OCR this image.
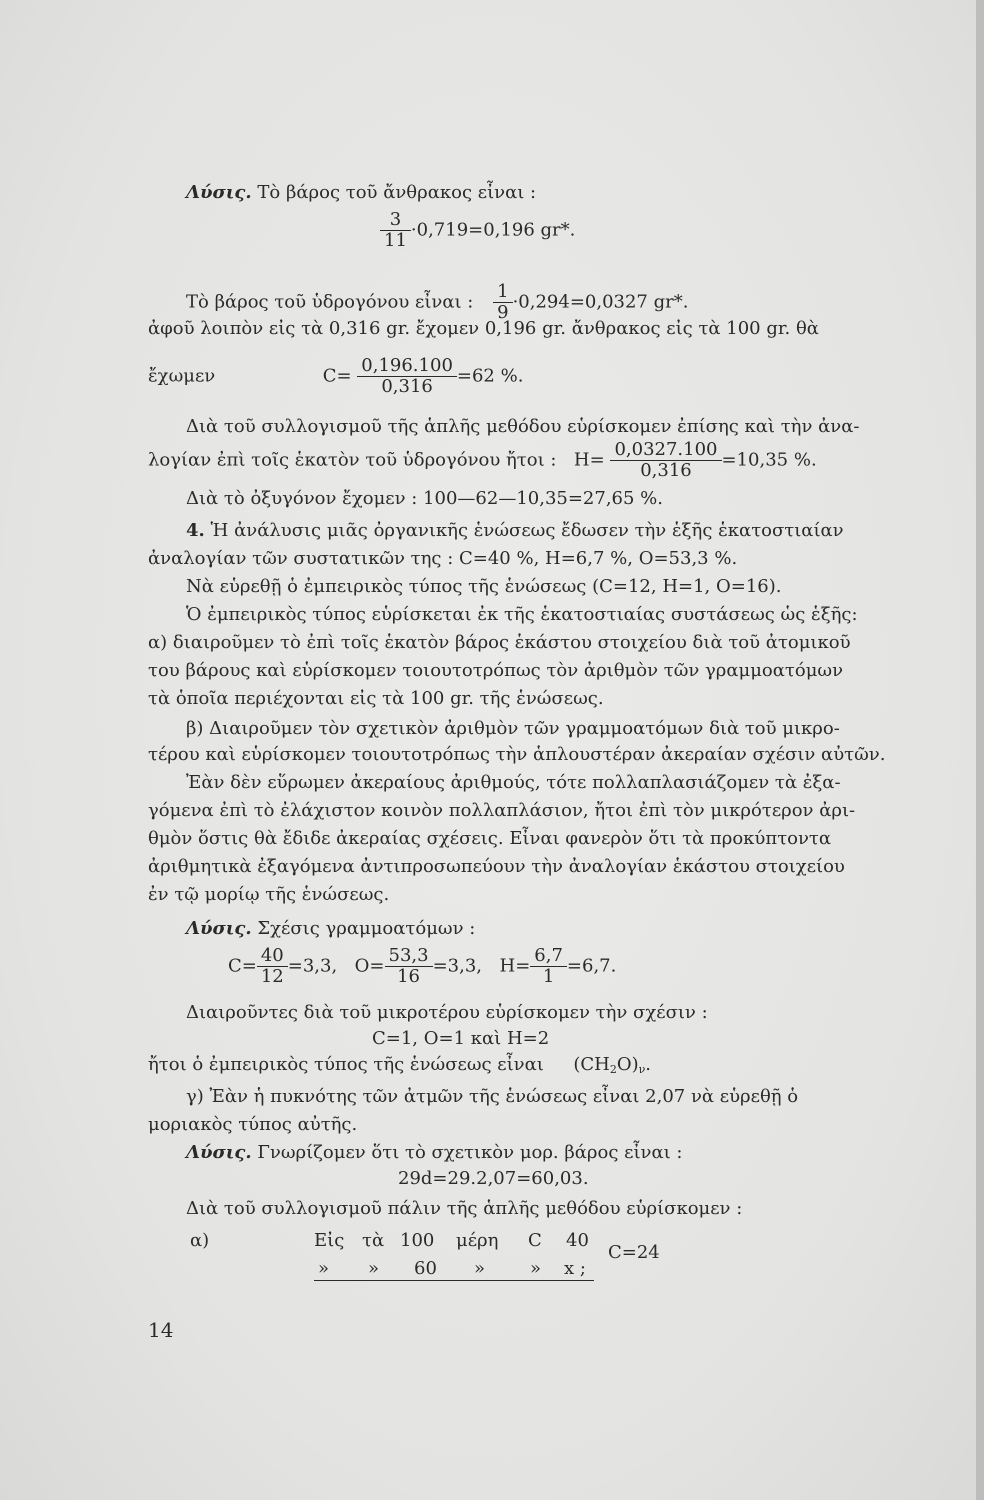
Λύσις. Τὸ βάρος τοῦ ἄνθρακος εἶναι :
$\frac{3}{11} \cdot 0,719=0,196$ gr*.
Τὸ βάρος τοῦ ὑδρογόνου εἶναι : $\frac{1}{9} \cdot 0,294=0,0327$ gr*.
ἀφοῦ λοιπὸν εἰς τὰ 0,316 gr. ἔχομεν 0,196 gr. ἄνθρακος εἰς τὰ 100 gr. θὰ
ἔχωμεν	$C= \frac{0,196.100}{0,316} =62$ %.
Διὰ τοῦ συλλογισμοῦ τῆς ἁπλῆς μεθόδου εὑρίσκομεν ἐπίσης καὶ τὴν ἀνα-
λογίαν ἐπὶ τοῖς ἑκατὸν τοῦ ὑδρογόνου ἤτοι : $H= \frac{0,0327.100}{0,316} =10,35$ %.
Διὰ τὸ ὀξυγόνον ἔχομεν : 100—62—10,35=27,65 %.
4. Ἡ ἀνάλυσις μιᾶς ὀργανικῆς ἑνώσεως ἔδωσεν τὴν ἑξῆς ἑκατοστιαίαν
ἀναλογίαν τῶν συστατικῶν της : C=40 %, H=6,7 %, O=53,3 %.
Νὰ εὑρεθῇ ὁ ἐμπειρικὸς τύπος τῆς ἑνώσεως (C=12, H=1, O=16).
Ὁ ἐμπειρικὸς τύπος εὑρίσκεται ἐκ τῆς ἑκατοστιαίας συστάσεως ὡς ἑξῆς:
α) διαιροῦμεν τὸ ἐπὶ τοῖς ἑκατὸν βάρος ἑκάστου στοιχείου διὰ τοῦ ἀτομικοῦ
του βάρους καὶ εὑρίσκομεν τοιουτοτρόπως τὸν ἀριθμὸν τῶν γραμμοατόμων
τὰ ὁποῖα περιέχονται εἰς τὰ 100 gr. τῆς ἑνώσεως.
β) Διαιροῦμεν τὸν σχετικὸν ἀριθμὸν τῶν γραμμοατόμων διὰ τοῦ μικρο-
τέρου καὶ εὑρίσκομεν τοιουτοτρόπως τὴν ἁπλουστέραν ἀκεραίαν σχέσιν αὐτῶν.
Ἐὰν δὲν εὕρωμεν ἀκεραίους ἀριθμούς, τότε πολλαπλασιάζομεν τὰ ἐξα-
γόμενα ἐπὶ τὸ ἐλάχιστον κοινὸν πολλαπλάσιον, ἤτοι ἐπὶ τὸν μικρότερον ἀρι-
θμὸν ὅστις θὰ ἔδιδε ἀκεραίας σχέσεις. Εἶναι φανερὸν ὅτι τὰ προκύπτοντα
ἀριθμητικὰ ἐξαγόμενα ἀντιπροσωπεύουν τὴν ἀναλογίαν ἑκάστου στοιχείου
ἐν τῷ μορίῳ τῆς ἑνώσεως.
Λύσις. Σχέσις γραμμοατόμων :
$C= \frac{40}{12} =3,3$, $O= \frac{53,3}{16} =3,3$, $H= \frac{6,7}{1} =6,7$.
Διαιροῦντες διὰ τοῦ μικροτέρου εὑρίσκομεν τὴν σχέσιν :
C=1, O=1 καὶ H=2
ἤτοι ὁ ἐμπειρικὸς τύπος τῆς ἑνώσεως εἶναι $(CH_2O)_\nu$.
γ) Ἐὰν ἡ πυκνότης τῶν ἀτμῶν τῆς ἑνώσεως εἶναι 2,07 νὰ εὑρεθῇ ὁ
μοριακὸς τύπος αὐτῆς.
Λύσις. Γνωρίζομεν ὅτι τὸ σχετικὸν μορ. βάρος εἶναι :
29d=29.2,07=60,03.
Διὰ τοῦ συλλογισμοῦ πάλιν τῆς ἁπλῆς μεθόδου εὑρίσκομεν :
α)	Εἰς τὰ 100 μέρη C 40
C=24
» » 60 » » x ;
14
